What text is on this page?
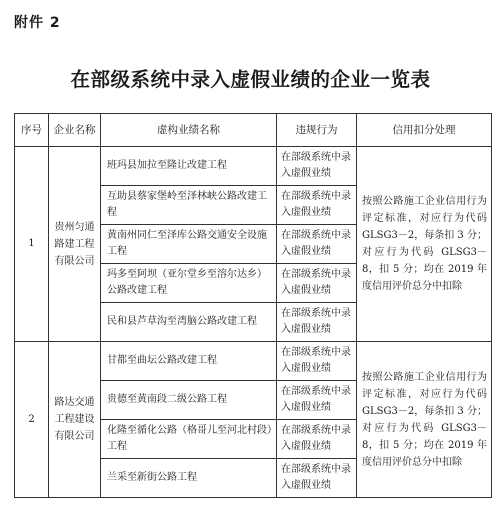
附件 2
在部级系统中录入虚假业绩的企业一览表
序号	企业名称	虚构业绩名称	违规行为	信用扣分处理
1	贵州匀通路建工程有限公司	班玛县加拉至隆让改建工程	在部级系统中录入虚假业绩	按照公路施工企业信用行为评定标准，对应行为代码 GLSG3－2，每条扣 3 分；对应行为代码 GLSG3－8，扣 5 分；均在 2019 年度信用评价总分中扣除
		互助县蔡家堡岭至泽林峡公路改建工程	在部级系统中录入虚假业绩	
		黄南州同仁至泽库公路交通安全设施工程	在部级系统中录入虚假业绩	
		玛多至阿坝（亚尔堂乡至溶尔达乡）公路改建工程	在部级系统中录入虚假业绩	
		民和县芦草沟至湾脑公路改建工程	在部级系统中录入虚假业绩	
2	路达交通工程建设有限公司	甘都至曲坛公路改建工程	在部级系统中录入虚假业绩	按照公路施工企业信用行为评定标准，对应行为代码 GLSG3－2，每条扣 3 分；对应行为代码 GLSG3－8，扣 5 分；均在 2019 年度信用评价总分中扣除
		贵德至黄南段二级公路工程	在部级系统中录入虚假业绩	
		化隆至循化公路（格哥儿至河北村段）工程	在部级系统中录入虚假业绩	
		兰采至新街公路工程	在部级系统中录入虚假业绩	
